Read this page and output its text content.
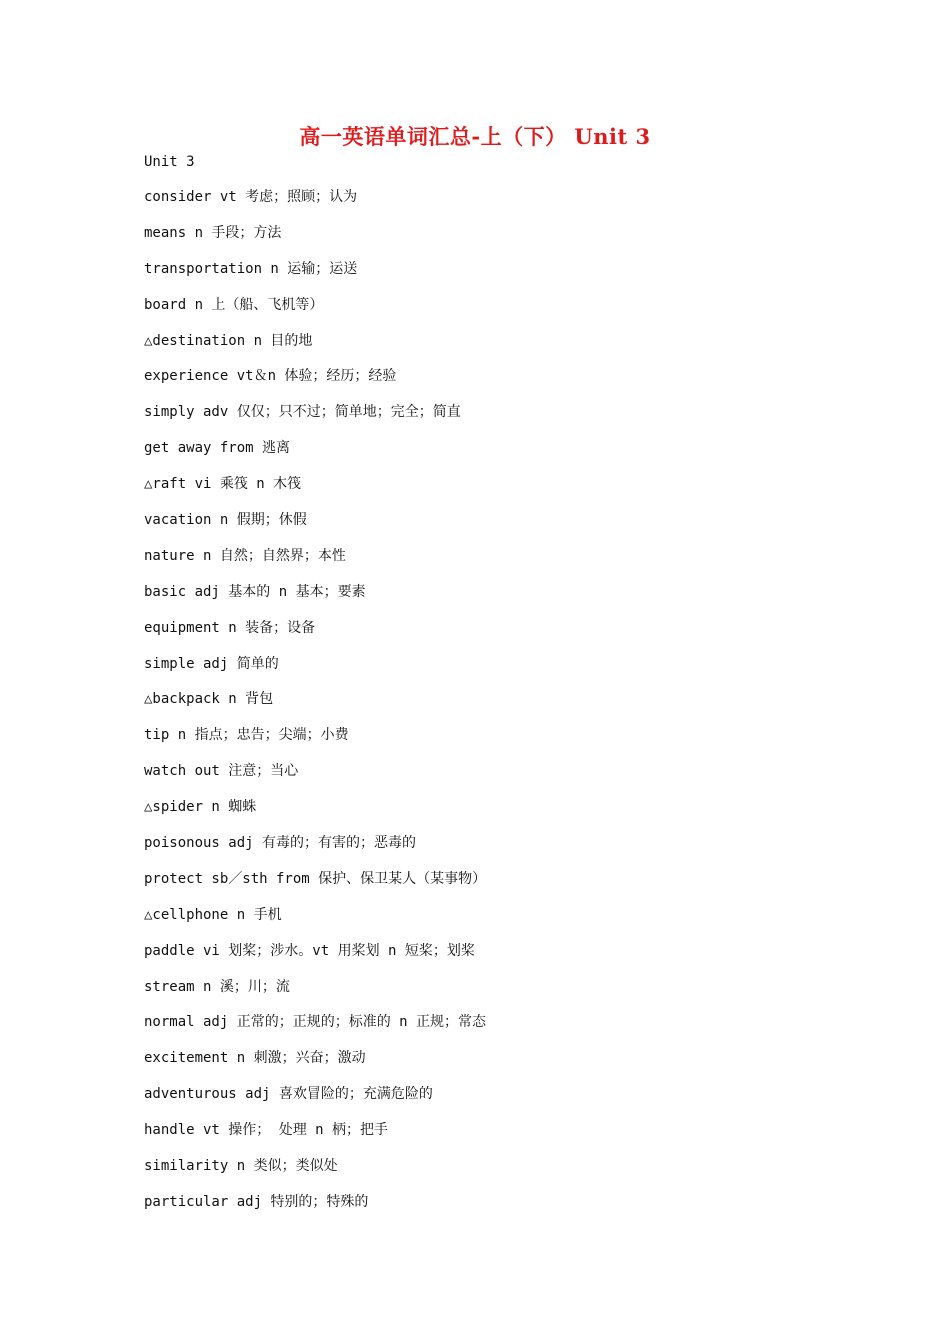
高一英语单词汇总-上（下） Unit 3
Unit 3
consider vt 考虑；照顾；认为
means n 手段；方法
transportation n 运输；运送
board n 上（船、飞机等）
△destination n 目的地
experience vt＆n 体验；经历；经验
simply adv 仅仅；只不过；简单地；完全；简直
get away from 逃离
△raft vi 乘筏 n 木筏
vacation n 假期；休假
nature n 自然；自然界；本性
basic adj 基本的 n 基本；要素
equipment n 装备；设备
simple adj 简单的
△backpack n 背包
tip n 指点；忠告；尖端；小费
watch out 注意；当心
△spider n 蜘蛛
poisonous adj 有毒的；有害的；恶毒的
protect sb／sth from 保护、保卫某人（某事物）
△cellphone n 手机
paddle vi 划桨；涉水。vt 用桨划 n 短桨；划桨
stream n 溪；川；流
normal adj 正常的；正规的；标准的 n 正规；常态
excitement n 刺激；兴奋；激动
adventurous adj 喜欢冒险的；充满危险的
handle vt 操作； 处理 n 柄；把手
similarity n 类似；类似处
particular adj 特别的；特殊的
